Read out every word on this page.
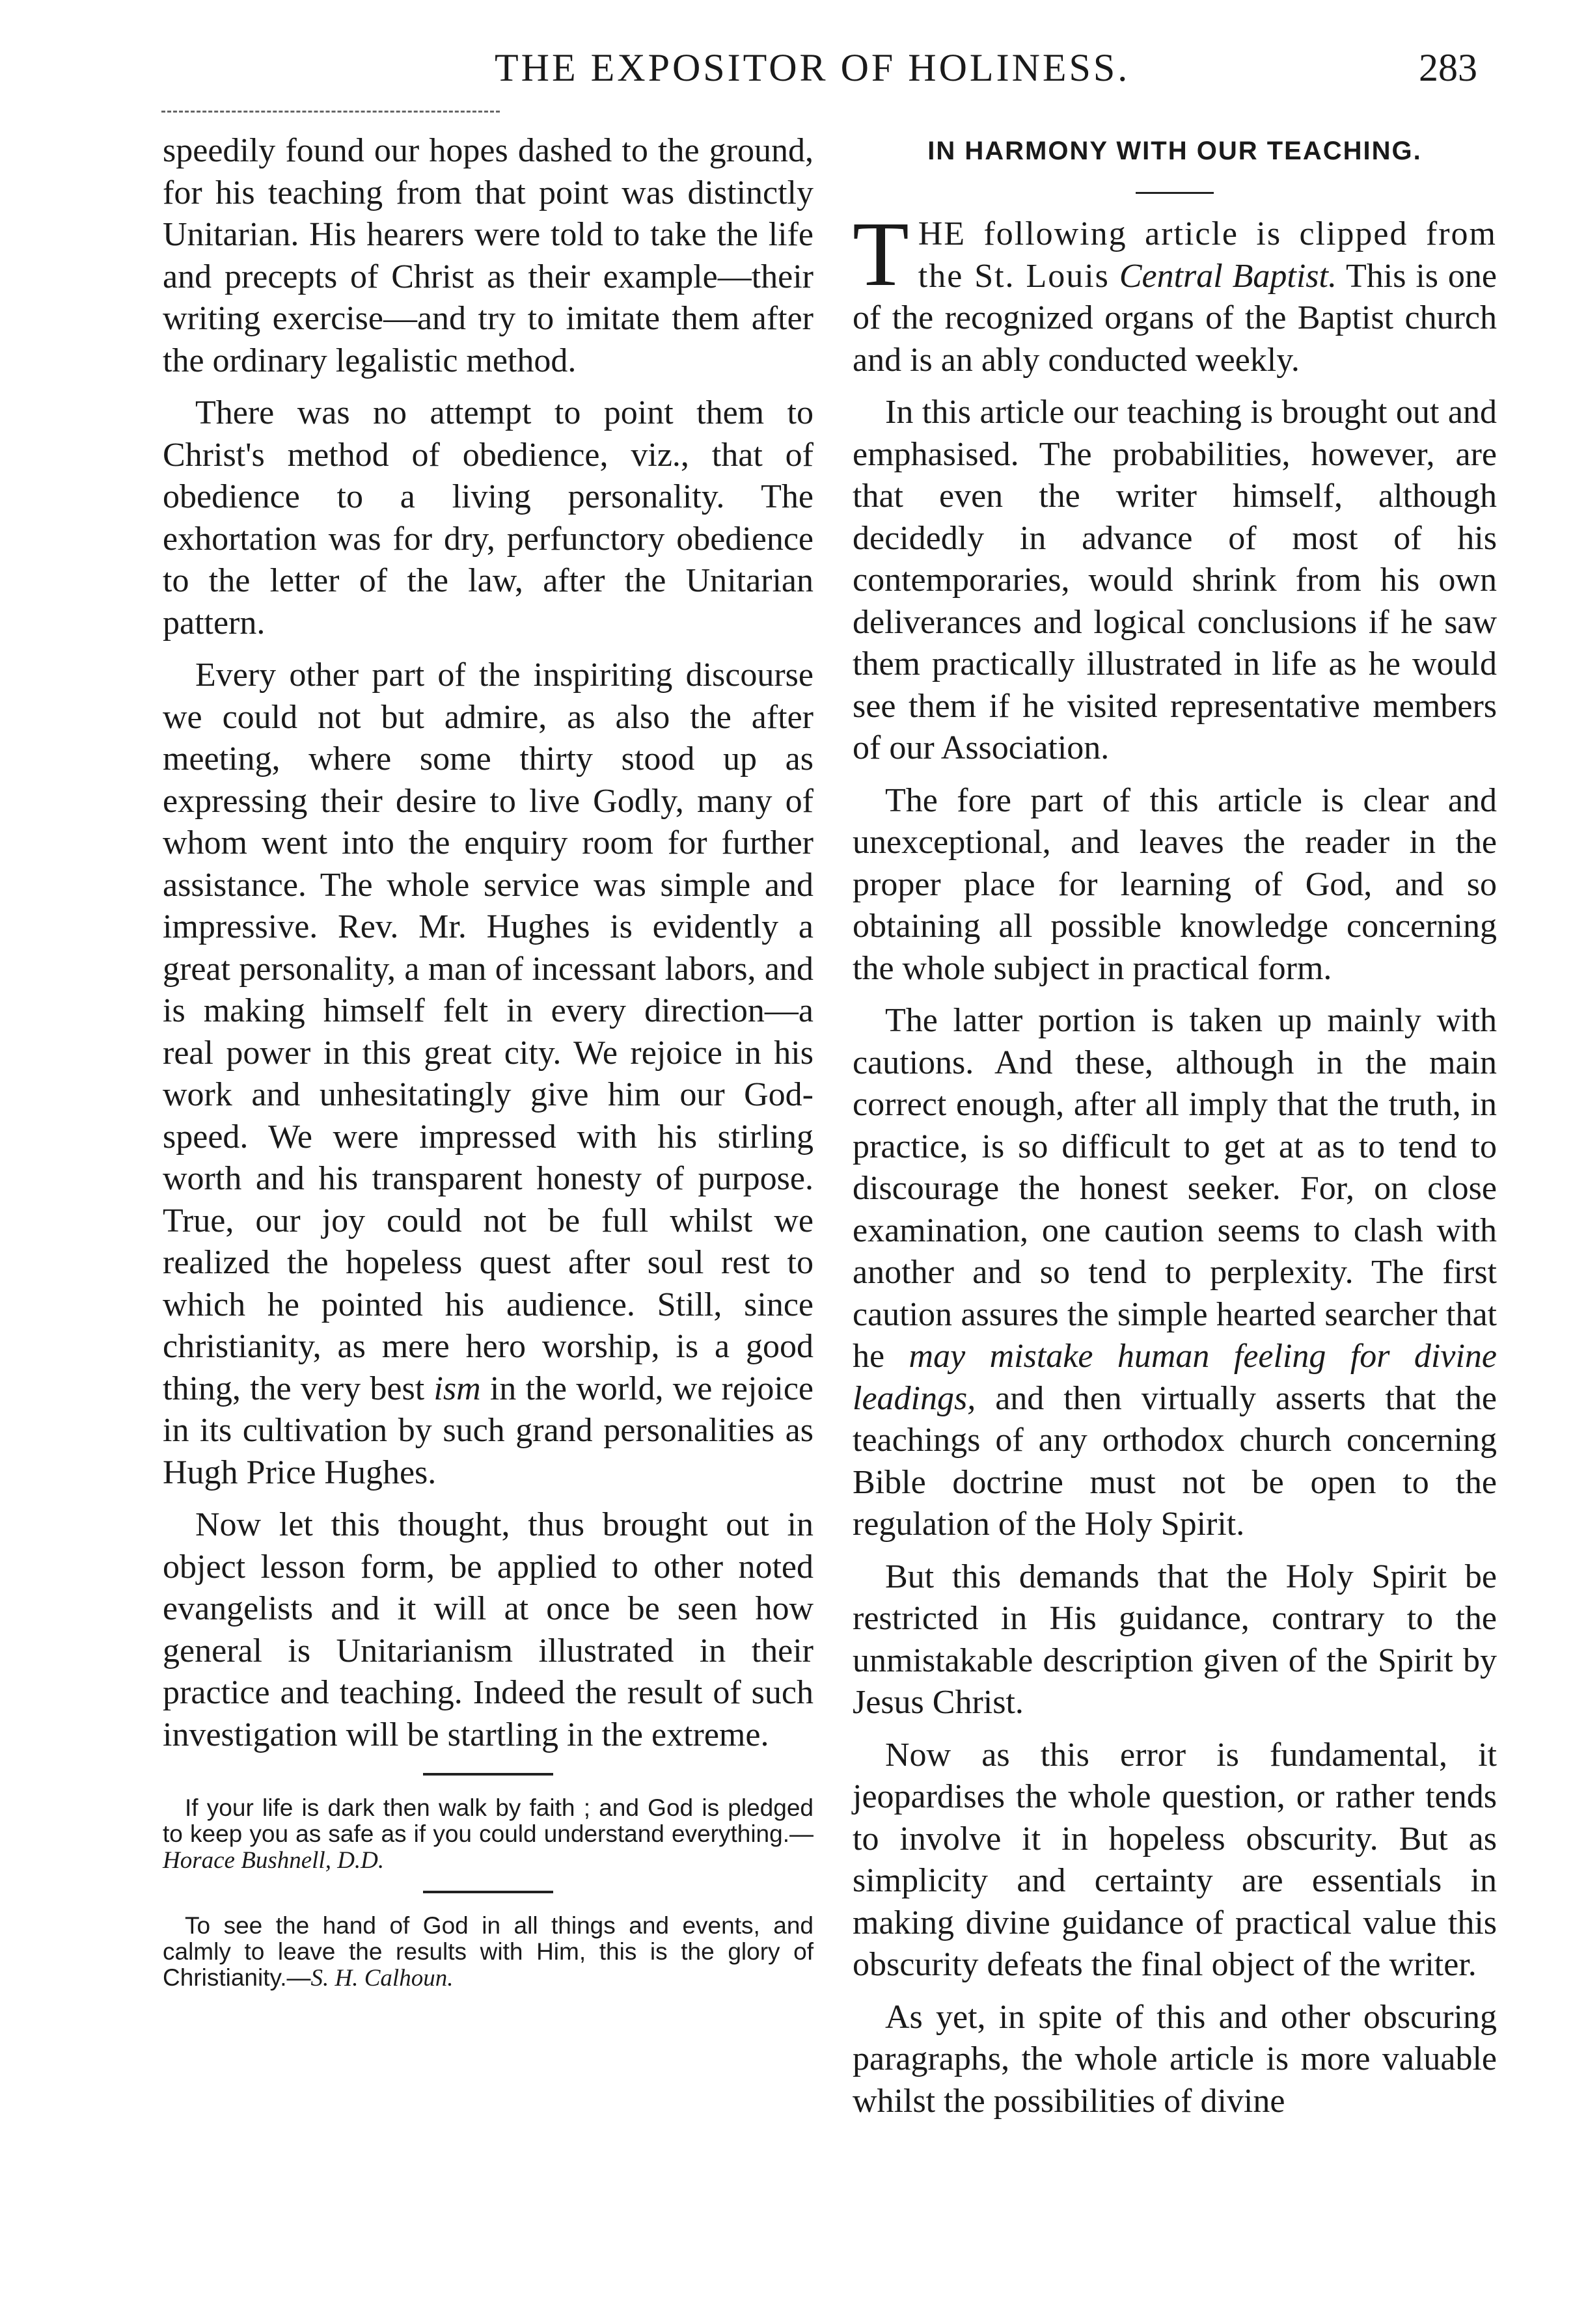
THE EXPOSITOR OF HOLINESS.	283

speedily found our hopes dashed to the ground, for his teaching from that point was distinctly Unitarian. His hearers were told to take the life and precepts of Christ as their example—their writing exercise—and try to imitate them after the ordinary legalistic method.

There was no attempt to point them to Christ's method of obedience, viz., that of obedience to a living personality. The exhortation was for dry, perfunctory obedience to the letter of the law, after the Unitarian pattern.

Every other part of the inspiriting discourse we could not but admire, as also the after meeting, where some thirty stood up as expressing their desire to live Godly, many of whom went into the enquiry room for further assistance. The whole service was simple and impressive. Rev. Mr. Hughes is evidently a great personality, a man of incessant labors, and is making himself felt in every direction—a real power in this great city. We rejoice in his work and unhesitatingly give him our God-speed. We were impressed with his stirling worth and his transparent honesty of purpose. True, our joy could not be full whilst we realized the hopeless quest after soul rest to which he pointed his audience. Still, since christianity, as mere hero worship, is a good thing, the very best ism in the world, we rejoice in its cultivation by such grand personalities as Hugh Price Hughes.

Now let this thought, thus brought out in object lesson form, be applied to other noted evangelists and it will at once be seen how general is Unitarianism illustrated in their practice and teaching. Indeed the result of such investigation will be startling in the extreme.

If your life is dark then walk by faith ; and God is pledged to keep you as safe as if you could understand everything.—Horace Bushnell, D.D.

To see the hand of God in all things and events, and calmly to leave the results with Him, this is the glory of Christianity.—S. H. Calhoun.

IN HARMONY WITH OUR TEACHING.

THE following article is clipped from the St. Louis Central Baptist. This is one of the recognized organs of the Baptist church and is an ably conducted weekly.

In this article our teaching is brought out and emphasised. The probabilities, however, are that even the writer himself, although decidedly in advance of most of his contemporaries, would shrink from his own deliverances and logical conclusions if he saw them practically illustrated in life as he would see them if he visited representative members of our Association.

The fore part of this article is clear and unexceptional, and leaves the reader in the proper place for learning of God, and so obtaining all possible knowledge concerning the whole subject in practical form.

The latter portion is taken up mainly with cautions. And these, although in the main correct enough, after all imply that the truth, in practice, is so difficult to get at as to tend to discourage the honest seeker. For, on close examination, one caution seems to clash with another and so tend to perplexity. The first caution assures the simple hearted searcher that he may mistake human feeling for divine leadings, and then virtually asserts that the teachings of any orthodox church concerning Bible doctrine must not be open to the regulation of the Holy Spirit.

But this demands that the Holy Spirit be restricted in His guidance, contrary to the unmistakable description given of the Spirit by Jesus Christ.

Now as this error is fundamental, it jeopardises the whole question, or rather tends to involve it in hopeless obscurity. But as simplicity and certainty are essentials in making divine guidance of practical value this obscurity defeats the final object of the writer.

As yet, in spite of this and other obscuring paragraphs, the whole article is more valuable whilst the possibilities of divine
